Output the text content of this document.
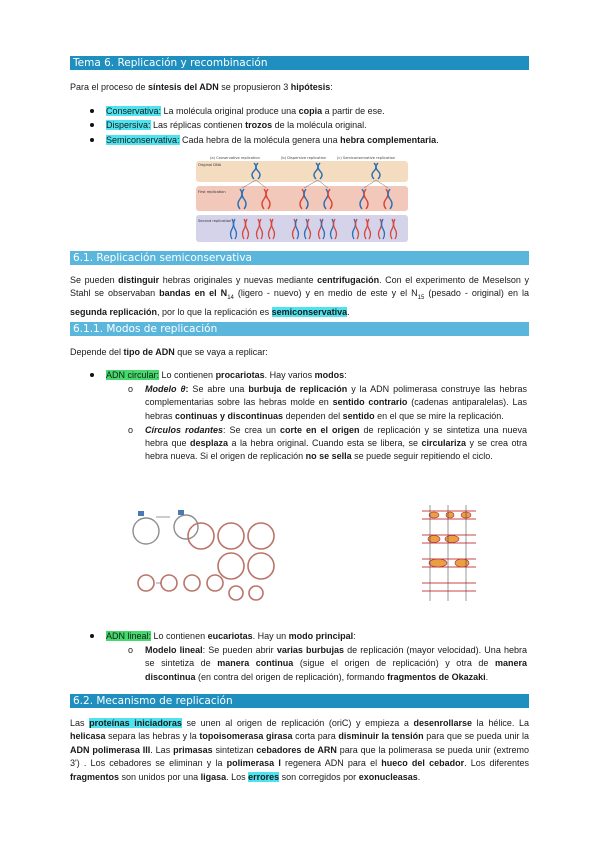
Tema 6. Replicación y recombinación

Para el proceso de síntesis del ADN se propusieron 3 hipótesis:

Conservativa: La molécula original produce una copia a partir de ese.
Dispersiva: Las réplicas contienen trozos de la molécula original.
Semiconservativa: Cada hebra de la molécula genera una hebra complementaria.
(a) Conservative replication	(b) Dispersive replication	(c) Semiconservative replication
Original DNA
First replication
Second replication
6.1. Replicación semiconservativa

Se pueden distinguir hebras originales y nuevas mediante centrifugación. Con el experimento de Meselson y Stahl se observaban bandas en el $N_{14}$ (ligero - nuevo) y en medio de este y el $N_{15}$ (pesado - original) en la segunda replicación, por lo que la replicación es semiconservativa.

6.1.1. Modos de replicación

Depende del tipo de ADN que se vaya a replicar:

ADN circular: Lo contienen procariotas. Hay varios modos:
o Modelo θ: Se abre una burbuja de replicación y la ADN polimerasa construye las hebras complementarias sobre las hebras molde en sentido contrario (cadenas antiparalelas). Las hebras continuas y discontinuas dependen del sentido en el que se mire la replicación.
o Círculos rodantes: Se crea un corte en el origen de replicación y se sintetiza una nueva hebra que desplaza a la hebra original. Cuando esta se libera, se circulariza y se crea otra hebra nueva. Si el origen de replicación no se sella se puede seguir repitiendo el ciclo.
ADN lineal: Lo contienen eucariotas. Hay un modo principal:
o Modelo lineal: Se pueden abrir varias burbujas de replicación (mayor velocidad). Una hebra se sintetiza de manera continua (sigue el origen de replicación) y otra de manera discontinua (en contra del origen de replicación), formando fragmentos de Okazaki.
6.2. Mecanismo de replicación

Las proteínas iniciadoras se unen al origen de replicación (oriC) y empieza a desenrollarse la hélice. La helicasa separa las hebras y la topoisomerasa girasa corta para disminuir la tensión para que se pueda unir la ADN polimerasa III. Las primasas sintetizan cebadores de ARN para que la polimerasa se pueda unir (extremo 3') . Los cebadores se eliminan y la polimerasa I regenera ADN para el hueco del cebador. Los diferentes fragmentos son unidos por una ligasa. Los errores son corregidos por exonucleasas.
